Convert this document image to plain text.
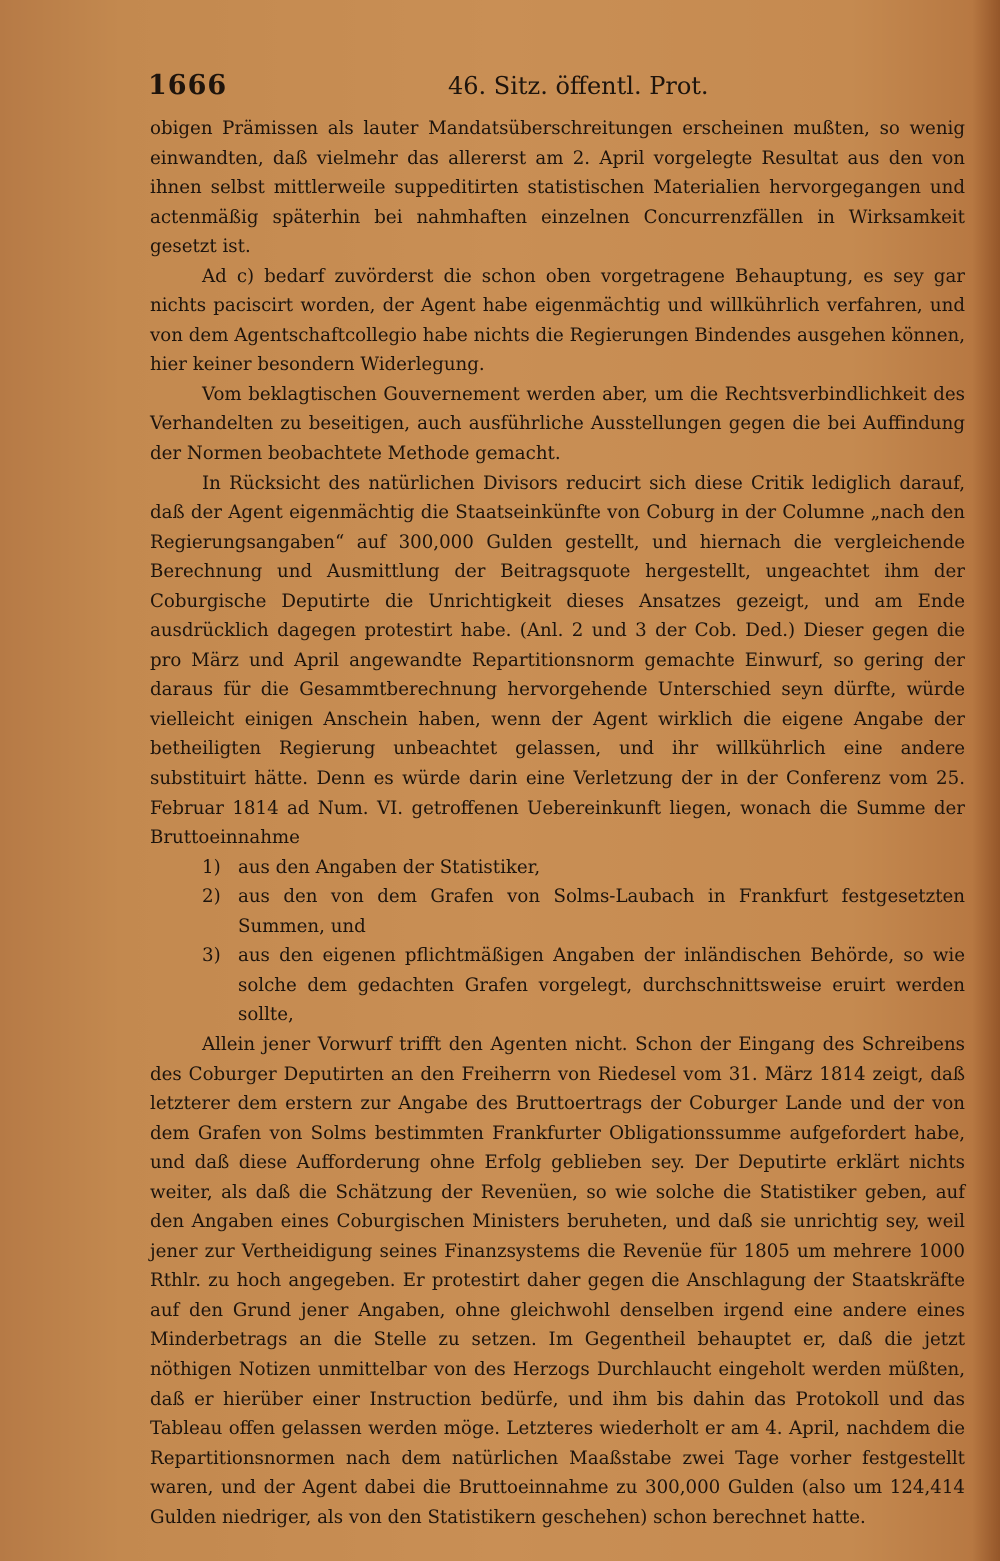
1666	46. Sitz. öffentl. Prot.

obigen Prämissen als lauter Mandatsüberschreitungen erscheinen mußten, so wenig einwandten, daß vielmehr das allererst am 2. April vorgelegte Resultat aus den von ihnen selbst mittlerweile suppeditirten statistischen Materialien hervorgegangen und actenmäßig späterhin bei nahmhaften einzelnen Concurrenzfällen in Wirksamkeit gesetzt ist.

Ad c) bedarf zuvörderst die schon oben vorgetragene Behauptung, es sey gar nichts paciscirt worden, der Agent habe eigenmächtig und willkührlich verfahren, und von dem Agentschaftcollegio habe nichts die Regierungen Bindendes ausgehen können, hier keiner besondern Widerlegung.

Vom beklagtischen Gouvernement werden aber, um die Rechtsverbindlichkeit des Verhandelten zu beseitigen, auch ausführliche Ausstellungen gegen die bei Auffindung der Normen beobachtete Methode gemacht.

In Rücksicht des natürlichen Divisors reducirt sich diese Critik lediglich darauf, daß der Agent eigenmächtig die Staatseinkünfte von Coburg in der Columne „nach den Regierungsangaben“ auf 300,000 Gulden gestellt, und hiernach die vergleichende Berechnung und Ausmittlung der Beitragsquote hergestellt, ungeachtet ihm der Coburgische Deputirte die Unrichtigkeit dieses Ansatzes gezeigt, und am Ende ausdrücklich dagegen protestirt habe. (Anl. 2 und 3 der Cob. Ded.) Dieser gegen die pro März und April angewandte Repartitionsnorm gemachte Einwurf, so gering der daraus für die Gesammtberechnung hervorgehende Unterschied seyn dürfte, würde vielleicht einigen Anschein haben, wenn der Agent wirklich die eigene Angabe der betheiligten Regierung unbeachtet gelassen, und ihr willkührlich eine andere substituirt hätte. Denn es würde darin eine Verletzung der in der Conferenz vom 25. Februar 1814 ad Num. VI. getroffenen Uebereinkunft liegen, wonach die Summe der Bruttoeinnahme

1) aus den Angaben der Statistiker,
2) aus den von dem Grafen von Solms-Laubach in Frankfurt festgesetzten Summen, und
3) aus den eigenen pflichtmäßigen Angaben der inländischen Behörde, so wie solche dem gedachten Grafen vorgelegt, durchschnittsweise eruirt werden sollte,

Allein jener Vorwurf trifft den Agenten nicht. Schon der Eingang des Schreibens des Coburger Deputirten an den Freiherrn von Riedesel vom 31. März 1814 zeigt, daß letzterer dem erstern zur Angabe des Bruttoertrags der Coburger Lande und der von dem Grafen von Solms bestimmten Frankfurter Obligationssumme aufgefordert habe, und daß diese Aufforderung ohne Erfolg geblieben sey. Der Deputirte erklärt nichts weiter, als daß die Schätzung der Revenüen, so wie solche die Statistiker geben, auf den Angaben eines Coburgischen Ministers beruheten, und daß sie unrichtig sey, weil jener zur Vertheidigung seines Finanzsystems die Revenüe für 1805 um mehrere 1000 Rthlr. zu hoch angegeben. Er protestirt daher gegen die Anschlagung der Staatskräfte auf den Grund jener Angaben, ohne gleichwohl denselben irgend eine andere eines Minderbetrags an die Stelle zu setzen. Im Gegentheil behauptet er, daß die jetzt nöthigen Notizen unmittelbar von des Herzogs Durchlaucht eingeholt werden müßten, daß er hierüber einer Instruction bedürfe, und ihm bis dahin das Protokoll und das Tableau offen gelassen werden möge. Letzteres wiederholt er am 4. April, nachdem die Repartitionsnormen nach dem natürlichen Maaßstabe zwei Tage vorher festgestellt waren, und der Agent dabei die Bruttoeinnahme zu 300,000 Gulden (also um 124,414 Gulden niedriger, als von den Statistikern geschehen) schon berechnet hatte.
